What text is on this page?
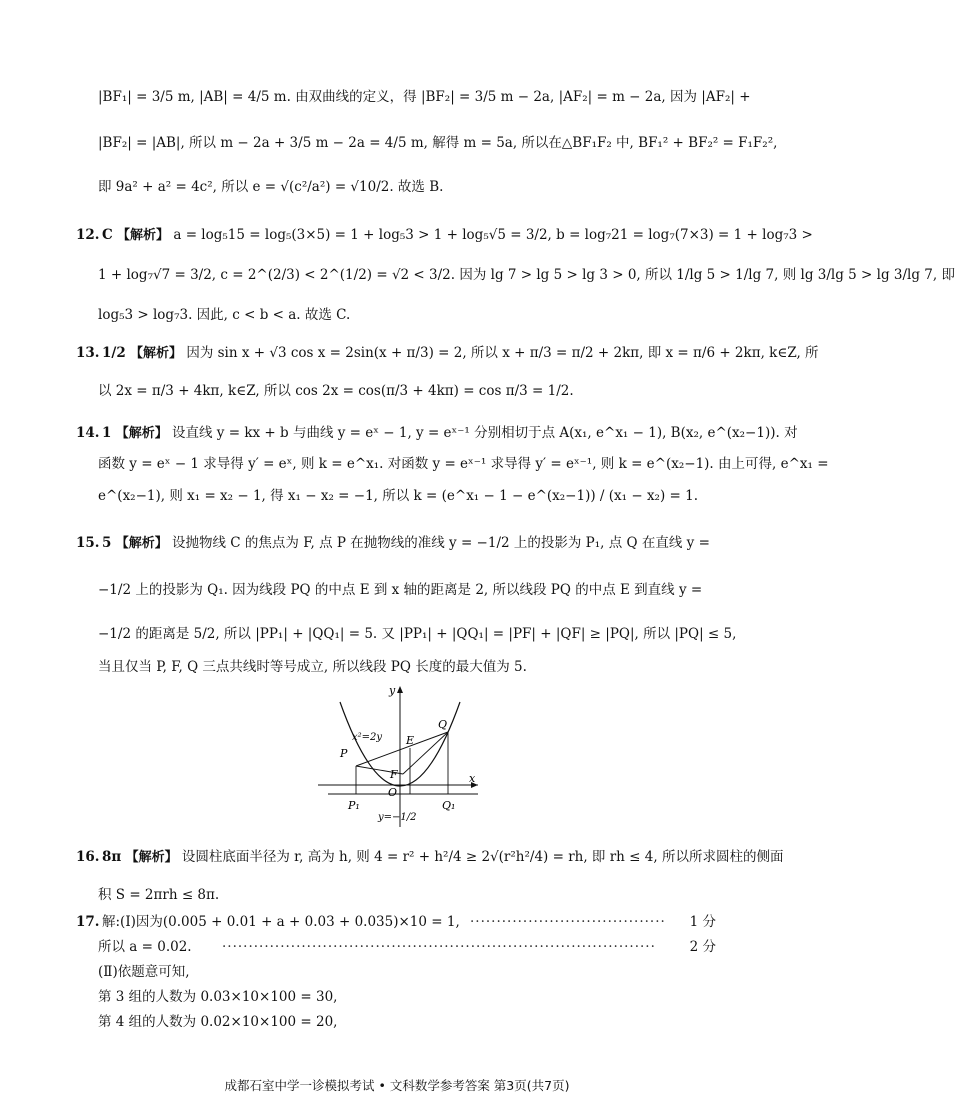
|BF₁| = 3/5 m, |AB| = 4/5 m. 由双曲线的定义，得 |BF₂| = 3/5 m − 2a, |AF₂| = m − 2a, 因为 |AF₂| +
|BF₂| = |AB|, 所以 m − 2a + 3/5 m − 2a = 4/5 m, 解得 m = 5a, 所以在△BF₁F₂ 中, BF₁² + BF₂² = F₁F₂²,
即 9a² + a² = 4c², 所以 e = √(c²/a²) = √10/2. 故选 B.
12. C 【解析】 a = log₅15 = log₅(3×5) = 1 + log₅3 > 1 + log₅√5 = 3/2, b = log₇21 = log₇(7×3) = 1 + log₇3 >
1 + log₇√7 = 3/2, c = 2^(2/3) < 2^(1/2) = √2 < 3/2. 因为 lg 7 > lg 5 > lg 3 > 0, 所以 1/lg 5 > 1/lg 7, 则 lg 3/lg 5 > lg 3/lg 7, 即
log₅3 > log₇3. 因此, c < b < a. 故选 C.
13. 1/2 【解析】 因为 sin x + √3 cos x = 2sin(x + π/3) = 2, 所以 x + π/3 = π/2 + 2kπ, 即 x = π/6 + 2kπ, k∈Z, 所
以 2x = π/3 + 4kπ, k∈Z, 所以 cos 2x = cos(π/3 + 4kπ) = cos π/3 = 1/2.
14. 1 【解析】 设直线 y = kx + b 与曲线 y = eˣ − 1, y = eˣ⁻¹ 分别相切于点 A(x₁, e^x₁ − 1), B(x₂, e^(x₂−1)). 对
函数 y = eˣ − 1 求导得 y′ = eˣ, 则 k = e^x₁. 对函数 y = eˣ⁻¹ 求导得 y′ = eˣ⁻¹, 则 k = e^(x₂−1). 由上可得, e^x₁ =
e^(x₂−1), 则 x₁ = x₂ − 1, 得 x₁ − x₂ = −1, 所以 k = (e^x₁ − 1 − e^(x₂−1)) / (x₁ − x₂) = 1.
15. 5 【解析】 设抛物线 C 的焦点为 F, 点 P 在抛物线的准线 y = −1/2 上的投影为 P₁, 点 Q 在直线 y =
−1/2 上的投影为 Q₁. 因为线段 PQ 的中点 E 到 x 轴的距离是 2, 所以线段 PQ 的中点 E 到直线 y =
−1/2 的距离是 5/2, 所以 |PP₁| + |QQ₁| = 5. 又 |PP₁| + |QQ₁| = |PF| + |QF| ≥ |PQ|, 所以 |PQ| ≤ 5,
当且仅当 P, F, Q 三点共线时等号成立, 所以线段 PQ 长度的最大值为 5.
y
x
O
x²=2y
P
Q
E
F
P₁	Q₁
y=−1/2
16. 8π 【解析】 设圆柱底面半径为 r, 高为 h, 则 4 = r² + h²/4 ≥ 2√(r²h²/4) = rh, 即 rh ≤ 4, 所以所求圆柱的侧面
积 S = 2πrh ≤ 8π.
17. 解:(Ⅰ)因为(0.005 + 0.01 + a + 0.03 + 0.035)×10 = 1, ·····································	1 分
所以 a = 0.02.	··················································································	2 分
(Ⅱ)依题意可知,
第 3 组的人数为 0.03×10×100 = 30,
第 4 组的人数为 0.02×10×100 = 20,
成都石室中学一诊模拟考试 • 文科数学参考答案 第3页(共7页)
